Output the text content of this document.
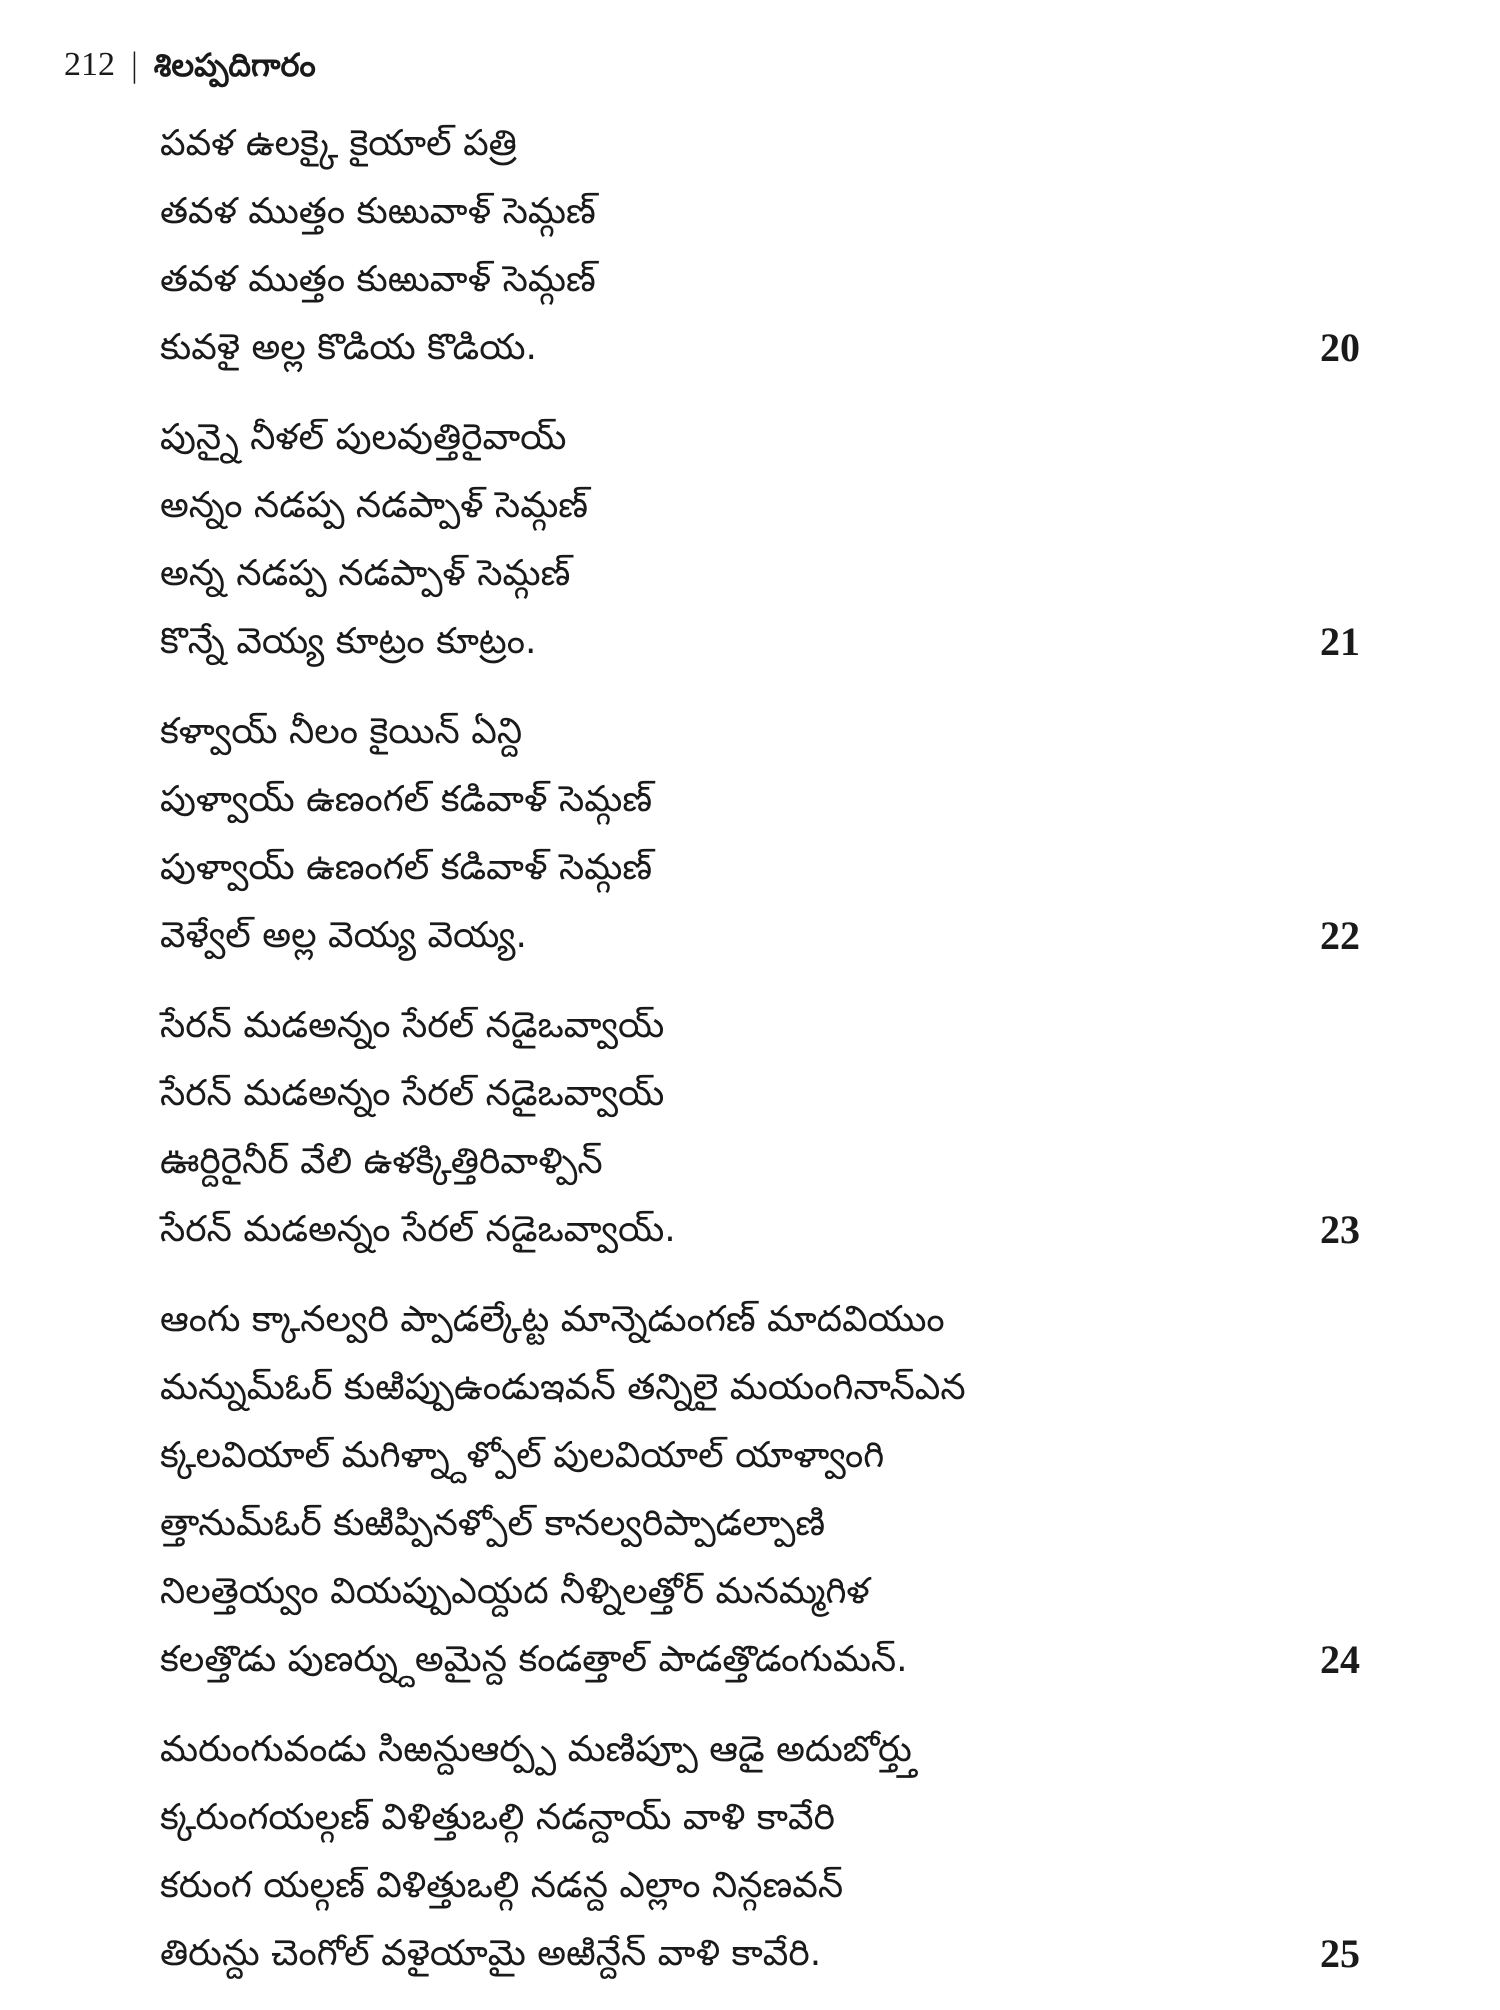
212 | శిలప్పదిగారం
పవళ ఉలక్కై కైయాల్ పత్రి
తవళ ముత్తం కుఱువాళ్ సెమ్గణ్
తవళ ముత్తం కుఱువాళ్ సెమ్గణ్
కువళై అల్ల కొడియ కొడియ.	20
పున్నై నీళల్ పులవుత్తిరైవాయ్
అన్నం నడప్ప నడప్పాళ్ సెమ్గణ్
అన్న నడప్ప నడప్పాళ్ సెమ్గణ్
కొన్నే వెయ్య కూట్రం కూట్రం.	21
కళ్వాయ్ నీలం కైయిన్ ఏన్ది
పుళ్వాయ్ ఉణంగల్ కడివాళ్ సెమ్గణ్
పుళ్వాయ్ ఉణంగల్ కడివాళ్ సెమ్గణ్
వెళ్వేల్ అల్ల వెయ్య వెయ్య.	22
సేరన్ మడఅన్నం సేరల్ నడైఒవ్వాయ్
సేరన్ మడఅన్నం సేరల్ నడైఒవ్వాయ్
ఊర్దిరైనీర్ వేలి ఉళక్కిత్తిరివాళ్పిన్
సేరన్ మడఅన్నం సేరల్ నడైఒవ్వాయ్.	23
ఆంగు క్కానల్వరి ప్పాడల్కేట్ట మాన్నెడుంగణ్ మాదవియుం
మన్నుమ్ఓర్ కుఱిప్పుఉండుఇవన్ తన్నిలై మయంగినాన్ఎన
క్కలవియాల్ మగిళ్న్దాళ్పోల్ పులవియాల్ యాళ్వాంగి
త్తానుమ్ఓర్ కుఱిప్పినళ్పోల్ కానల్వరిప్పాడల్పాణి
నిలత్తెయ్వం వియప్పుఎయ్దద నీళ్నిలత్తోర్ మనమ్మగిళ
కలత్తొడు పుణర్న్దుఅమైన్ద కండత్తాల్ పాడత్తొడంగుమన్.	24
మరుంగువండు సిఱన్దుఆర్ప్ప మణిప్పూ ఆడై అదుబోర్త్తు
క్కరుంగయల్గణ్ విళిత్తుఒల్గి నడన్దాయ్ వాళి కావేరి
కరుంగ యల్గణ్ విళిత్తుఒల్గి నడన్ద ఎల్లాం నిన్గణవన్
తిరున్దు చెంగోల్ వళైయామై అఱిన్దేన్ వాళి కావేరి.	25
